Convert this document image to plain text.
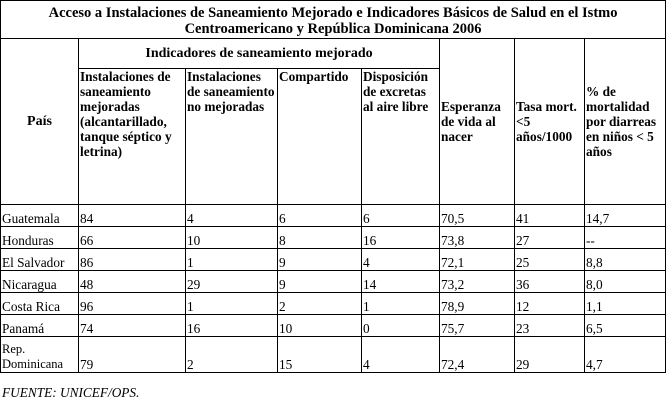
Acceso a Instalaciones de Saneamiento Mejorado e Indicadores Básicos de Salud en el Istmo
Centroamericano y República Dominicana 2006							

País	Indicadores de saneamiento mejorado				Esperanza de vida al nacer	Tasa mort.<5 años/1000	% de mortalidad por diarreas en niños < 5 años
	Instalaciones de saneamiento mejoradas (alcantarillado, tanque séptico y letrina)	Instalaciones de saneamiento no mejoradas	Compartido	Disposición de excretas al aire libre			
Guatemala	84	4	6	6	70,5	41	14,7
Honduras	66	10	8	16	73,8	27	--
El Salvador	86	1	9	4	72,1	25	8,8
Nicaragua	48	29	9	14	73,2	36	8,0
Costa Rica	96	1	2	1	78,9	12	1,1
Panamá	74	16	10	0	75,7	23	6,5

Rep.
Dominicana	79	2	15	4	72,4	29	4,7
FUENTE: UNICEF/OPS.
